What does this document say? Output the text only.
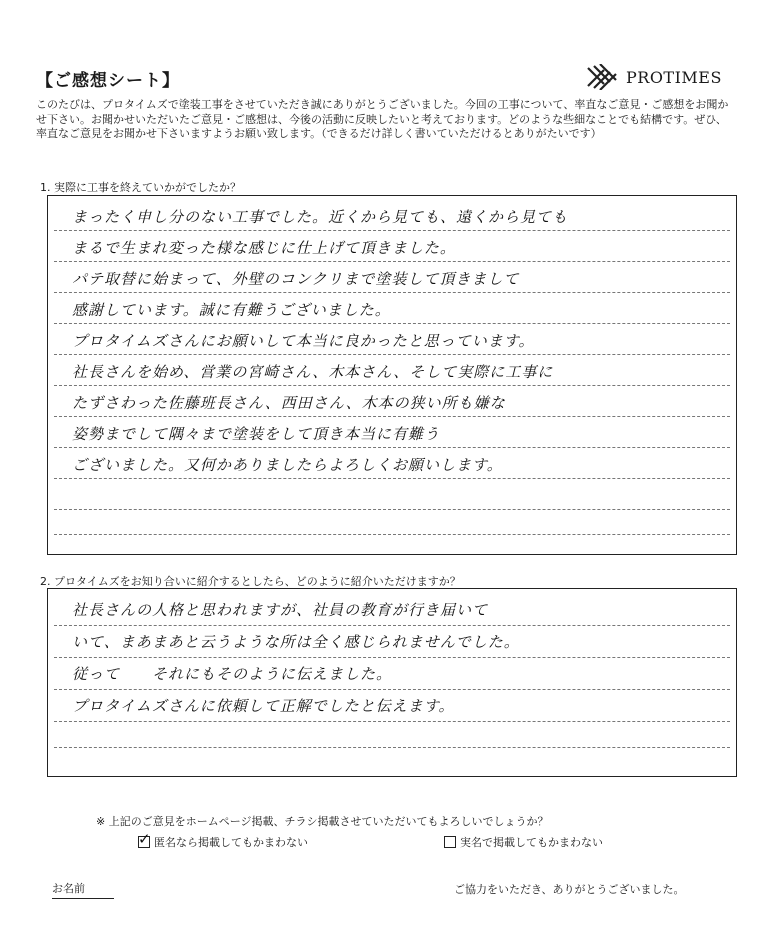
【ご感想シート】	PROTIMES
このたびは、プロタイムズで塗装工事をさせていただき誠にありがとうございました。今回の工事について、率直なご意見・ご感想をお聞かせ下さい。お聞かせいただいたご意見・ご感想は、今後の活動に反映したいと考えております。どのような些細なことでも結構です。ぜひ、率直なご意見をお聞かせ下さいますようお願い致します。（できるだけ詳しく書いていただけるとありがたいです）
1. 実際に工事を終えていかがでしたか？
まったく申し分のない工事でした。近くから見ても、遠くから見ても
まるで生まれ変った様な感じに仕上げて頂きました。
パテ取替に始まって、外壁のコンクリまで塗装して頂きまして
感謝しています。誠に有難うございました。
プロタイムズさんにお願いして本当に良かったと思っています。
社長さんを始め、営業の宮崎さん、木本さん、そして実際に工事に
たずさわった佐藤班長さん、西田さん、木本の狭い所も嫌な
姿勢までして隅々まで塗装をして頂き本当に有難う
ございました。又何かありましたらよろしくお願いします。
2. プロタイムズをお知り合いに紹介するとしたら、どのように紹介いただけますか？
社長さんの人格と思われますが、社員の教育が行き届いて
いて、まあまあと云うような所は全く感じられませんでした。
従って　　それにもそのように伝えました。
プロタイムズさんに依頼して正解でしたと伝えます。
※ 上記のご意見をホームページ掲載、チラシ掲載させていただいてもよろしいでしょうか？
✓ 匿名なら掲載してもかまわない	実名で掲載してもかまわない
お名前	ご協力をいただき、ありがとうございました。
